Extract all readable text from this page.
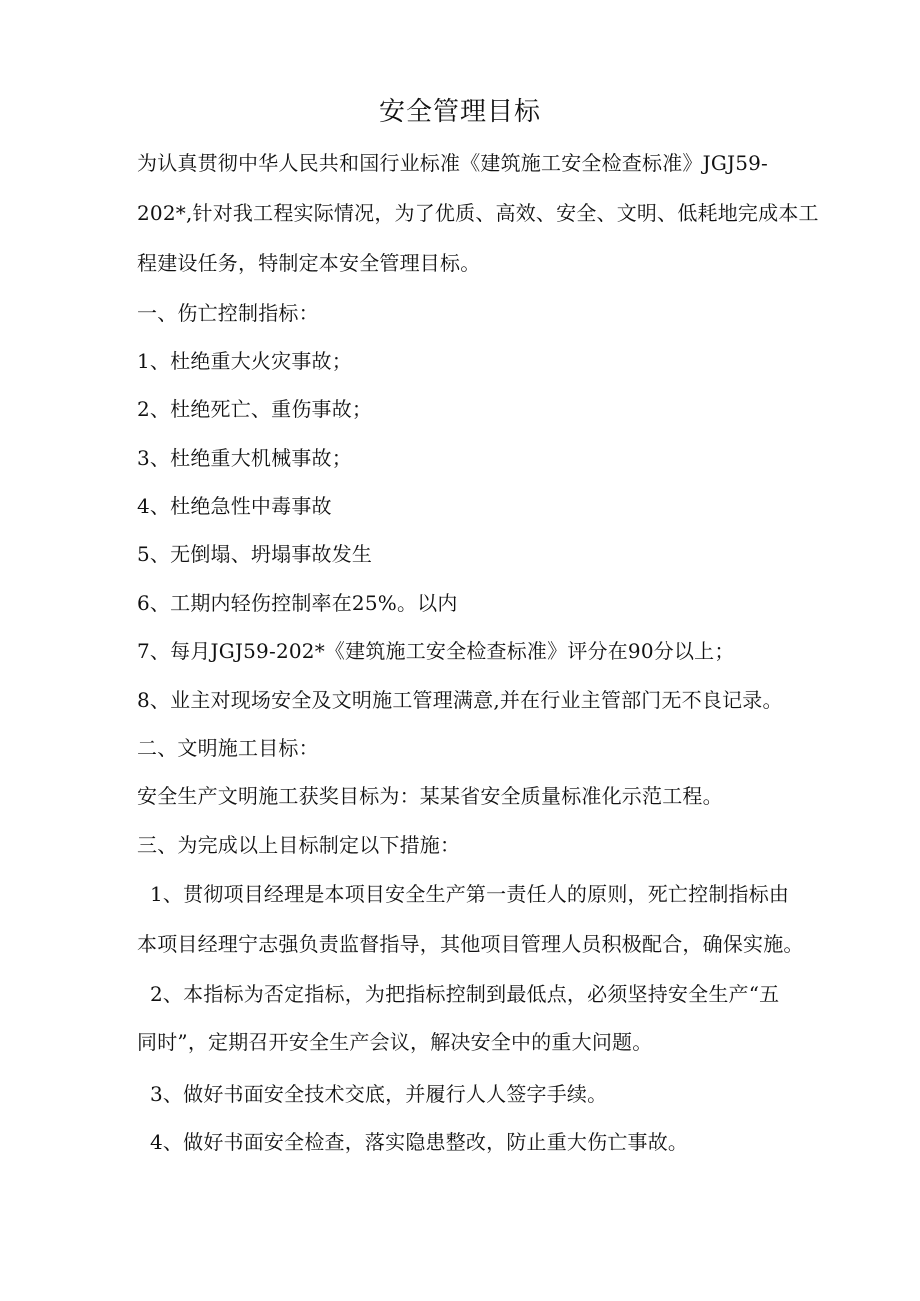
安全管理目标
为认真贯彻中华人民共和国行业标准《建筑施工安全检查标准》JGJ59-
202*,针对我工程实际情况，为了优质、高效、安全、文明、低耗地完成本工
程建设任务，特制定本安全管理目标。
一、伤亡控制指标：
1、杜绝重大火灾事故；
2、杜绝死亡、重伤事故；
3、杜绝重大机械事故；
4、杜绝急性中毒事故
5、无倒塌、坍塌事故发生
6、工期内轻伤控制率在25%。以内
7、每月JGJ59-202*《建筑施工安全检查标准》评分在90分以上；
8、业主对现场安全及文明施工管理满意,并在行业主管部门无不良记录。
二、文明施工目标：
安全生产文明施工获奖目标为：某某省安全质量标准化示范工程。
三、为完成以上目标制定以下措施：
1、贯彻项目经理是本项目安全生产第一责任人的原则，死亡控制指标由
本项目经理宁志强负责监督指导，其他项目管理人员积极配合，确保实施。
2、本指标为否定指标，为把指标控制到最低点，必须坚持安全生产“五
同时”，定期召开安全生产会议，解决安全中的重大问题。
3、做好书面安全技术交底，并履行人人签字手续。
4、做好书面安全检查，落实隐患整改，防止重大伤亡事故。
